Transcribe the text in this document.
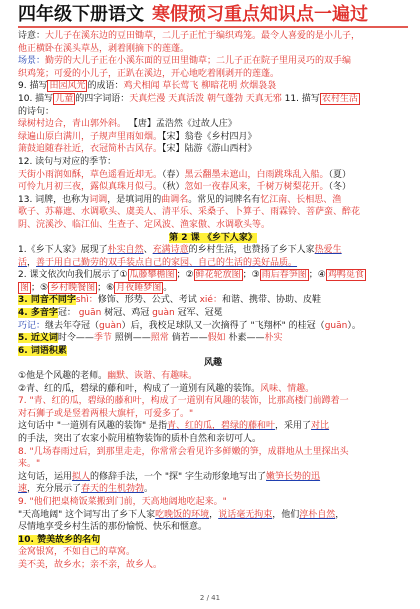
四年级下册语文 寒假预习重点知识点一遍过
诗意：大儿子在溪东边的豆田锄草，二儿子正忙于编织鸡笼。最令人喜爱的是小儿子，
他正横卧在溪头草丛，剥着刚摘下的莲蓬。
场景：勤劳的大儿子正在小溪东面的豆田里锄草；二儿子正在院子里用灵巧的双手编
织鸡笼；可爱的小儿子，正趴在溪边，开心地吃着刚剥开的莲蓬。
9. 描写 田园风光 的成语：鸡犬相闻 草长莺飞 柳暗花明 炊烟袅袅
10. 描写 儿童 的四字词语：天真烂漫 天真活泼 朝气蓬勃 天真无邪 11. 描写 农村生活
的诗句：
绿树村边合，青山郭外斜。 【唐】孟浩然《过故人庄》
绿遍山原白满川，子规声里雨如烟。【宋】翁卷《乡村四月》
箫鼓追随春社近，衣冠简朴古风存。【宋】陆游《游山西村》
12. 读句与对应的季节：
天街小雨润如酥，草色遥看近却无。（春）黑云翻墨未遮山，白雨跳珠乱入船。（夏）
可怜九月初三夜，露似真珠月似弓。（秋）忽如一夜春风来，千树万树梨花开。（冬）
13. 词牌，也称为词调，是填词用的曲调名。常见的词牌名有忆江南、长相思、渔
歌子、苏幕遮、水调歌头、虞美人、清平乐、采桑子、卜算子、雨霖铃、菩萨蛮、醉花
阴、浣溪沙、临江仙、生查子、定风波、渔家傲、水调歌头等。
第 2 课 《乡下人家》
1.《乡下人家》展现了朴实自然、充满诗意的乡村生活，也赞扬了乡下人家热爱生
活，善于用自己勤劳的双手装点自己的家园、自己的生活的美好品质。
2. 课文依次向我们展示了① 瓜藤攀檐图 ；② 鲜花轮放图 ；③ 雨后春笋图 ；④ 鸡鸭觅食
图 ；⑤ 乡村晚餐图 ；⑥ 月夜睡梦图 。
3. 同音不同字shì：修饰、形势、公式、考试 xié：和谐、携带、协助、皮鞋
4. 多音字冠： guān 树冠、鸡冠 guàn 冠军、冠冕
巧记：继去年夺冠（guàn）后，我校足球队又一次摘得了 "飞翔杯" 的桂冠（guān）。
5. 近义词时令——季节 照例——照常 倘若——假如 朴素——朴实
6. 词语积累
风趣
①他是个风趣的老师。幽默、诙谐、有趣味。
②青、红的瓜，碧绿的藤和叶，构成了一道别有风趣的装饰。风味、情趣。
7. "青、红的瓜，碧绿的藤和叶，构成了一道别有风趣的装饰，比那高楼门前蹲着一
对石狮子或是竖着两根大旗杆，可爱多了。"
这句话中 "一道别有风趣的装饰" 是指青、红的瓜，碧绿的藤和叶，采用了对比
的手法，突出了农家小院用植物装饰的质朴自然和亲切可人。
8. "几场春雨过后，到那里走走，你常常会看见许多鲜嫩的笋，成群地从土里探出头
来。"
这句话，运用拟人的修辞手法，一个 "探" 字生动形象地写出了嫩笋长势的迅
速，充分展示了春天的生机勃勃。
9. "他们把桌椅饭菜搬到门前，天高地阔地吃起来。"
"天高地阔" 这个词写出了乡下人家吃晚饭的环境，说话毫无拘束，他们淳朴自然，
尽情地享受乡村生活的那份愉悦、快乐和惬意。
10. 赞美故乡的名句
金窝银窝，不如自己的草窝。
美不美，故乡水；亲不亲，故乡人。
2 / 41
